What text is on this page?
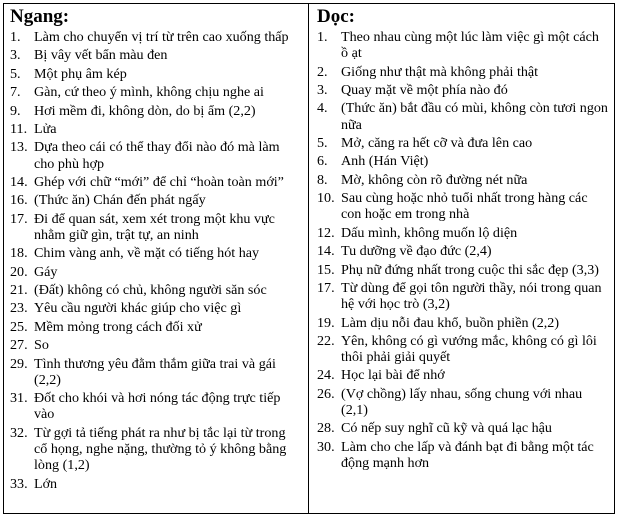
Ngang:
1. Làm cho chuyển vị trí từ trên cao xuống thấp
3. Bị vây vết bẩn màu đen
5. Một phụ âm kép
7. Gàn, cứ theo ý mình, không chịu nghe ai
9. Hơi mềm đi, không dòn, do bị ẩm (2,2)
11. Lửa
13. Dựa theo cái có thể thay đổi nào đó mà làm cho phù hợp
14. Ghép với chữ “mới” để chỉ “hoàn toàn mới”
16. (Thức ăn) Chán đến phát ngấy
17. Đi để quan sát, xem xét trong một khu vực nhằm giữ gìn, trật tự, an ninh
18. Chim vàng anh, về mặt có tiếng hót hay
20. Gáy
21. (Đất) không có chủ, không người săn sóc
23. Yêu cầu người khác giúp cho việc gì
25. Mềm mỏng trong cách đối xử
27. So
29. Tình thương yêu đằm thắm giữa trai và gái (2,2)
31. Đốt cho khói và hơi nóng tác động trực tiếp vào
32. Từ gợi tả tiếng phát ra như bị tắc lại từ trong cổ họng, nghe nặng, thường tỏ ý không bằng lòng (1,2)
33. Lớn
Dọc:
1. Theo nhau cùng một lúc làm việc gì một cách ồ ạt
2. Giống như thật mà không phải thật
3. Quay mặt về một phía nào đó
4. (Thức ăn) bắt đầu có mùi, không còn tươi ngon nữa
5. Mở, căng ra hết cỡ và đưa lên cao
6. Anh (Hán Việt)
8. Mờ, không còn rõ đường nét nữa
10. Sau cùng hoặc nhỏ tuổi nhất trong hàng các con hoặc em trong nhà
12. Dấu mình, không muốn lộ diện
14. Tu dưỡng về đạo đức (2,4)
15. Phụ nữ đứng nhất trong cuộc thi sắc đẹp (3,3)
17. Từ dùng để gọi tôn người thầy, nói trong quan hệ với học trò (3,2)
19. Làm dịu nỗi đau khổ, buồn phiền (2,2)
22. Yên, không có gì vướng mắc, không có gì lôi thôi phải giải quyết
24. Học lại bài để nhớ
26. (Vợ chồng) lấy nhau, sống chung với nhau (2,1)
28. Có nếp suy nghĩ cũ kỹ và quá lạc hậu
30. Làm cho che lấp và đánh bạt đi bằng một tác động mạnh hơn
